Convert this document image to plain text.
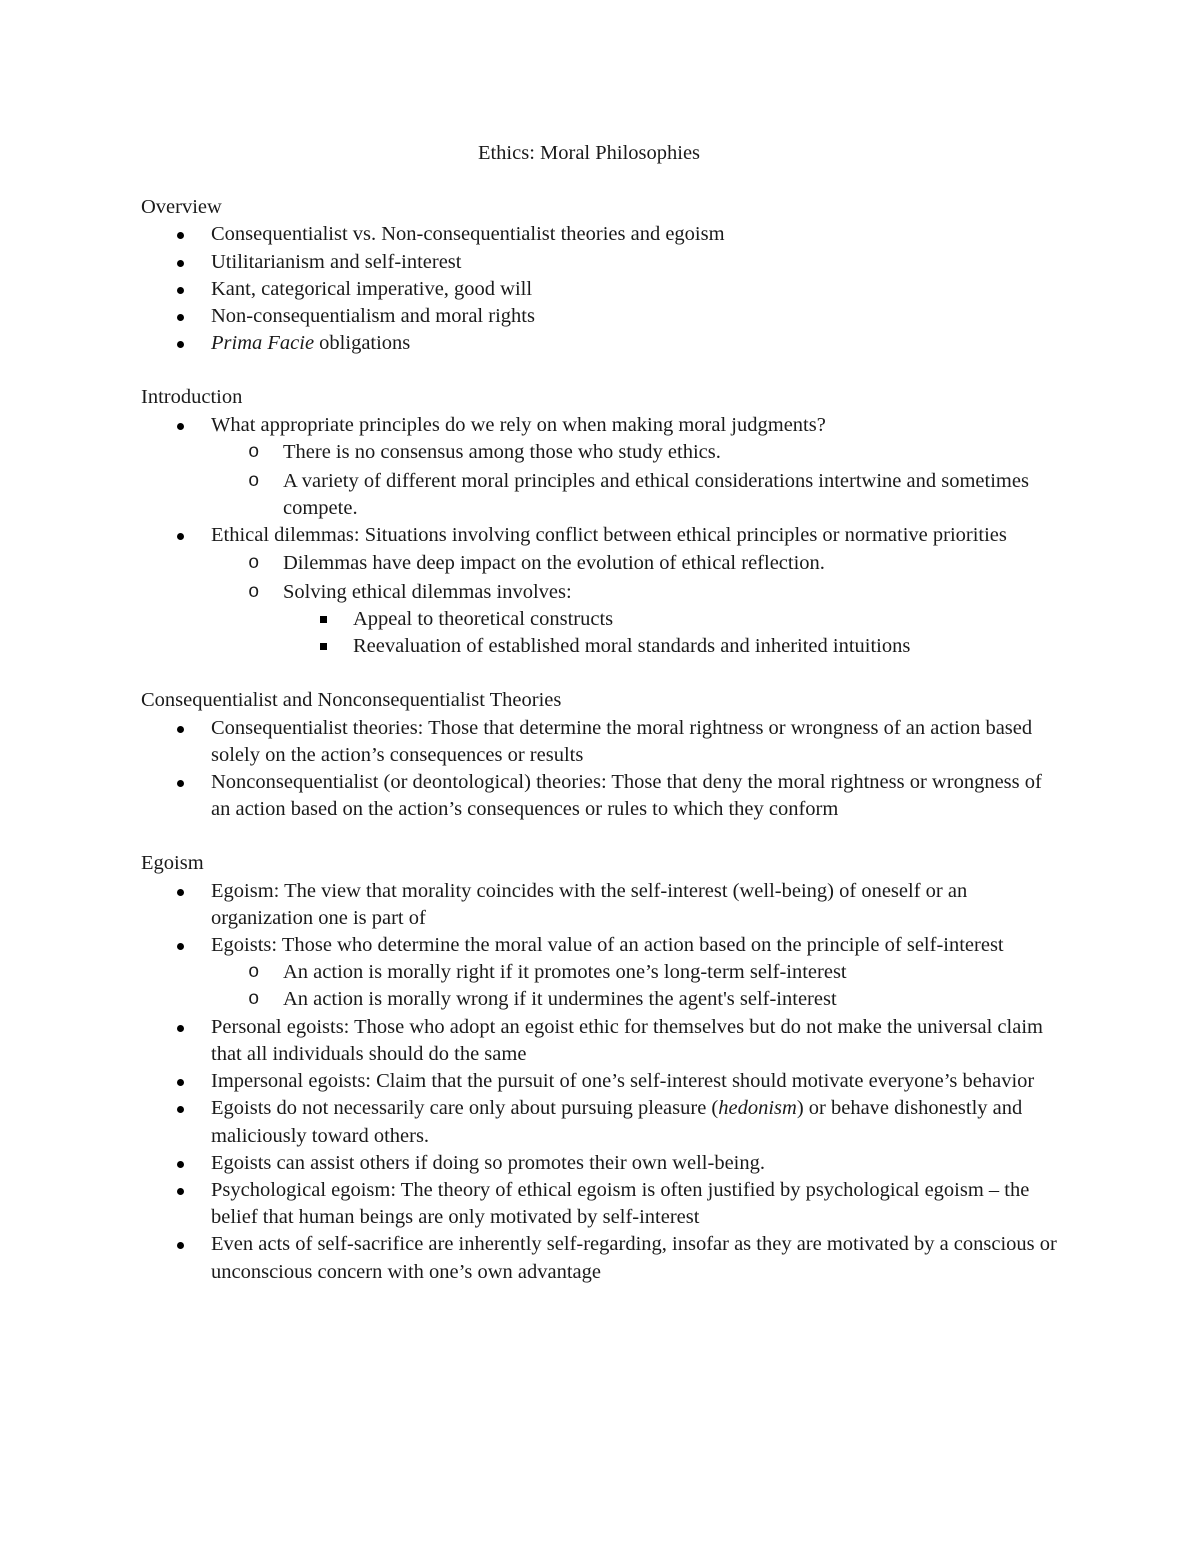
Ethics: Moral Philosophies
Overview
Consequentialist vs. Non-consequentialist theories and egoism
Utilitarianism and self-interest
Kant, categorical imperative, good will
Non-consequentialism and moral rights
Prima Facie obligations
Introduction
What appropriate principles do we rely on when making moral judgments?
o There is no consensus among those who study ethics.
o A variety of different moral principles and ethical considerations intertwine and sometimes compete.
Ethical dilemmas: Situations involving conflict between ethical principles or normative priorities
o Dilemmas have deep impact on the evolution of ethical reflection.
o Solving ethical dilemmas involves:
Appeal to theoretical constructs
Reevaluation of established moral standards and inherited intuitions
Consequentialist and Nonconsequentialist Theories
Consequentialist theories: Those that determine the moral rightness or wrongness of an action based solely on the action’s consequences or results
Nonconsequentialist (or deontological) theories: Those that deny the moral rightness or wrongness of an action based on the action’s consequences or rules to which they conform
Egoism
Egoism: The view that morality coincides with the self-interest (well-being) of oneself or an organization one is part of
Egoists: Those who determine the moral value of an action based on the principle of self-interest
o An action is morally right if it promotes one’s long-term self-interest
o An action is morally wrong if it undermines the agent's self-interest
Personal egoists: Those who adopt an egoist ethic for themselves but do not make the universal claim that all individuals should do the same
Impersonal egoists: Claim that the pursuit of one’s self-interest should motivate everyone’s behavior
Egoists do not necessarily care only about pursuing pleasure (hedonism) or behave dishonestly and maliciously toward others.
Egoists can assist others if doing so promotes their own well-being.
Psychological egoism: The theory of ethical egoism is often justified by psychological egoism – the belief that human beings are only motivated by self-interest
Even acts of self-sacrifice are inherently self-regarding, insofar as they are motivated by a conscious or unconscious concern with one’s own advantage
